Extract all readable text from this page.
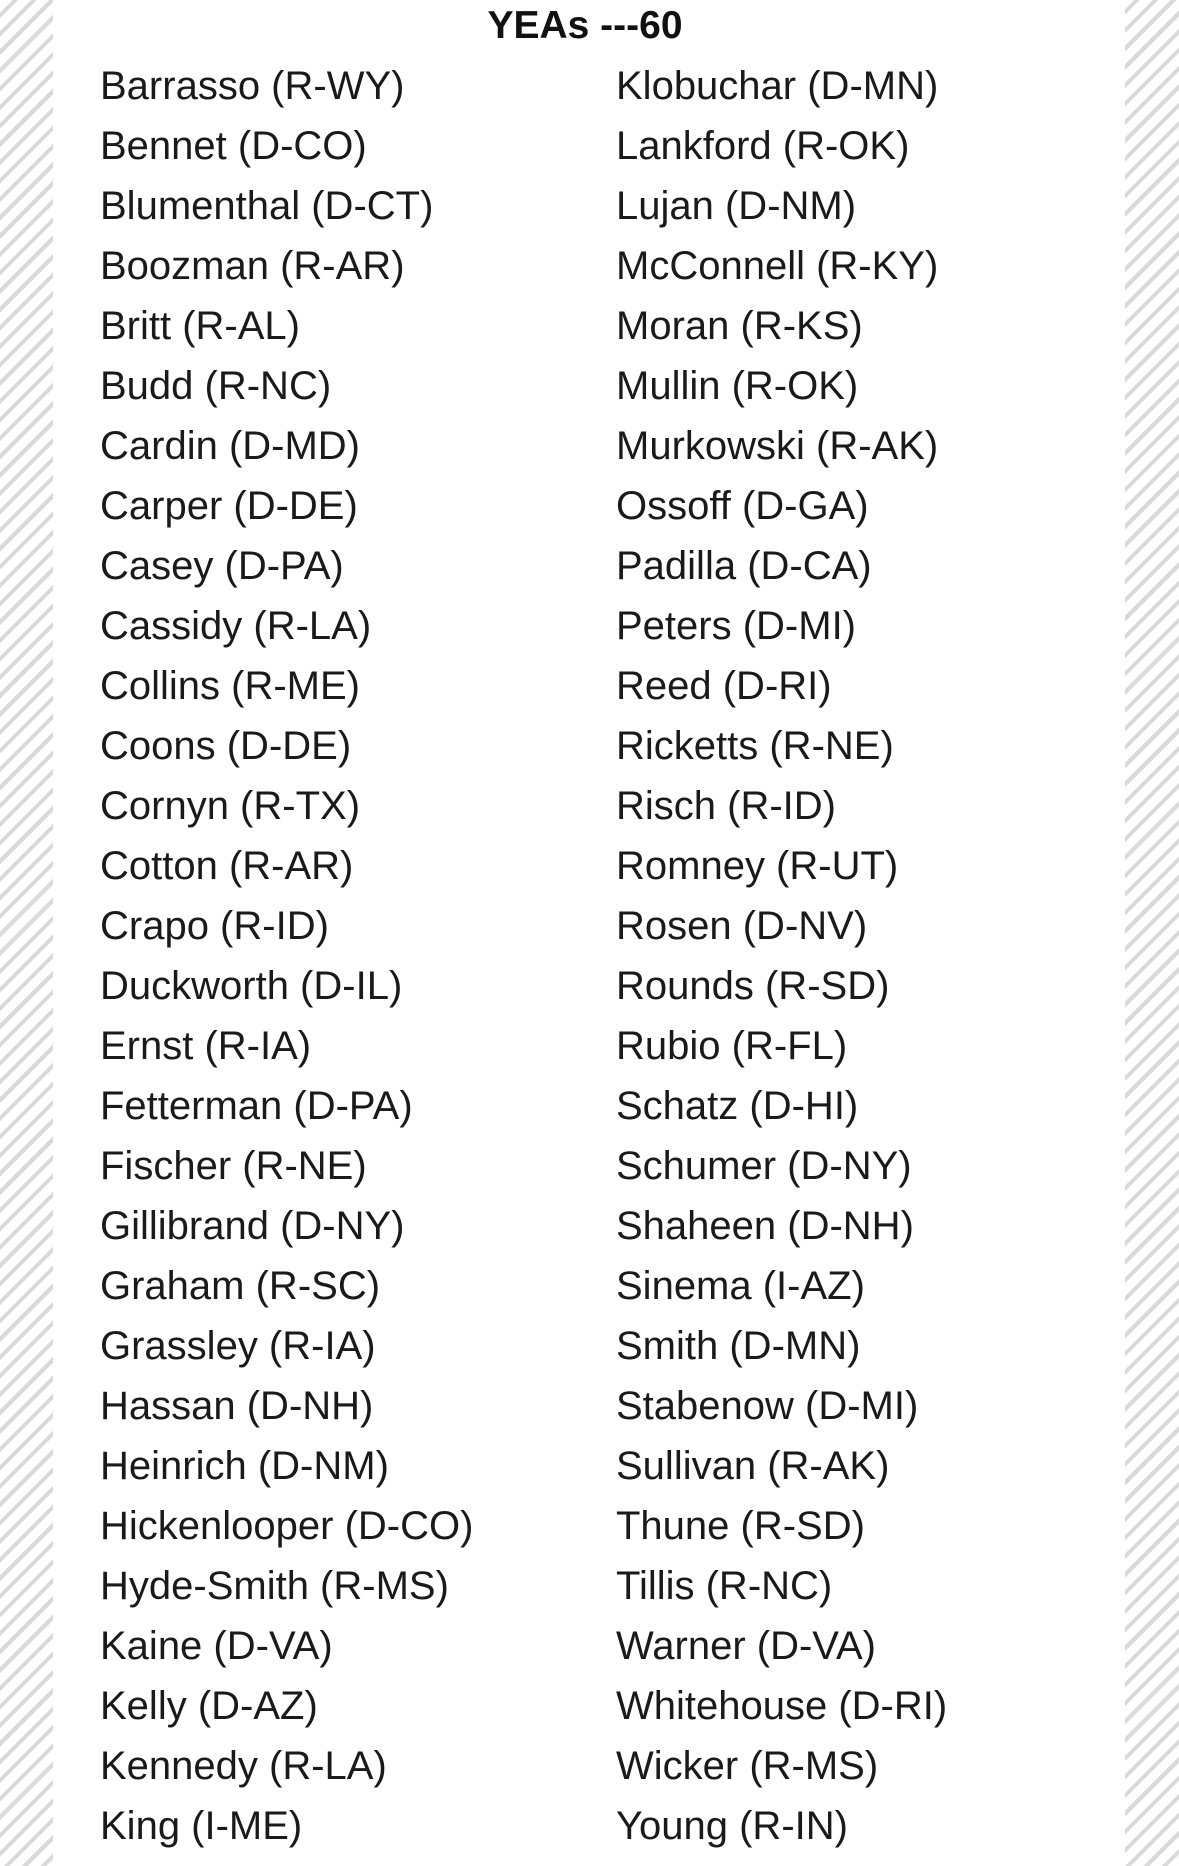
YEAs ---60
Barrasso (R-WY)
Bennet (D-CO)
Blumenthal (D-CT)
Boozman (R-AR)
Britt (R-AL)
Budd (R-NC)
Cardin (D-MD)
Carper (D-DE)
Casey (D-PA)
Cassidy (R-LA)
Collins (R-ME)
Coons (D-DE)
Cornyn (R-TX)
Cotton (R-AR)
Crapo (R-ID)
Duckworth (D-IL)
Ernst (R-IA)
Fetterman (D-PA)
Fischer (R-NE)
Gillibrand (D-NY)
Graham (R-SC)
Grassley (R-IA)
Hassan (D-NH)
Heinrich (D-NM)
Hickenlooper (D-CO)
Hyde-Smith (R-MS)
Kaine (D-VA)
Kelly (D-AZ)
Kennedy (R-LA)
King (I-ME)
Klobuchar (D-MN)
Lankford (R-OK)
Lujan (D-NM)
McConnell (R-KY)
Moran (R-KS)
Mullin (R-OK)
Murkowski (R-AK)
Ossoff (D-GA)
Padilla (D-CA)
Peters (D-MI)
Reed (D-RI)
Ricketts (R-NE)
Risch (R-ID)
Romney (R-UT)
Rosen (D-NV)
Rounds (R-SD)
Rubio (R-FL)
Schatz (D-HI)
Schumer (D-NY)
Shaheen (D-NH)
Sinema (I-AZ)
Smith (D-MN)
Stabenow (D-MI)
Sullivan (R-AK)
Thune (R-SD)
Tillis (R-NC)
Warner (D-VA)
Whitehouse (D-RI)
Wicker (R-MS)
Young (R-IN)
